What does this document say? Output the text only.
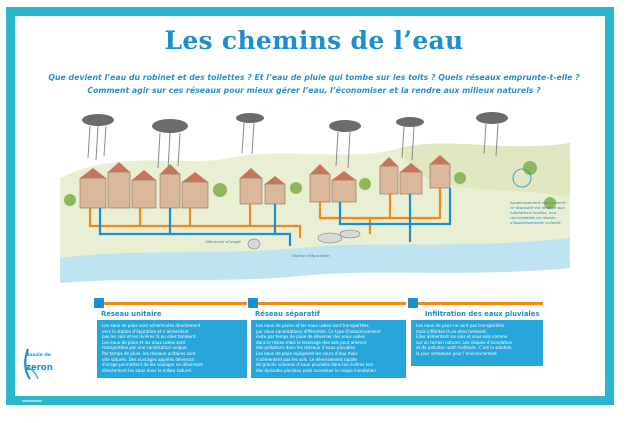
Les chemins de l’eau
Que devient l’eau du robinet et des toilettes ? Et l’eau de pluie qui tombe sur les toits ? Quels réseaux emprunte-t-elle ?
Comment agir sur ces réseaux pour mieux gérer l’eau, l’économiser et la rendre aux milieux naturels ?
Déversoir d’orage
Station d’épuration
Assainissement non collectif : ce dispositif est réservé aux habitations isolées, non raccordables au réseau d’assainissement collectif.
Réseau unitaire
Les eaux de pluie sont acheminées directement
vers la station d’épuration et n’alimentent
pas les sols et les rivières là où elles tombent.
Les eaux de pluie et les eaux usées sont
transportées par une canalisation unique.
Par temps de pluie, les réseaux unitaires sont
vite saturés. Des ouvrages appelés déversoir
d’orage permettent de les soulager en déversant
directement les eaux dans le milieu naturel.
Réseau séparatif
Les eaux de pluies et les eaux usées sont transportées
par deux canalisations différentes. Ce type d’assainissement
évite par temps de pluie de déverser des eaux usées
dans le milieu mais le lessivage des sols peut amener
des pollutions dans les réseaux d’eaux pluviales.
Les eaux de pluie rejoignent les cours d’eau mais
n’alimentent pas les sols. Le déversement rapide
de grands volumes d’eaux pluviales dans les rivières lors
des épisodes pluvieux peut accentuer le risque inondation.
Infiltration des eaux pluviales
Les eaux de pluie ne sont pas transportées
mais infiltrées là où elles tombent.
Elles alimentent les sols et sous-sols comme
sur un terrain naturel. Les risques d’inondation
et de pollution sont maîtrisés. C’est la solution
la plus vertueuse pour l’environnement.
Bassin de
zeron
